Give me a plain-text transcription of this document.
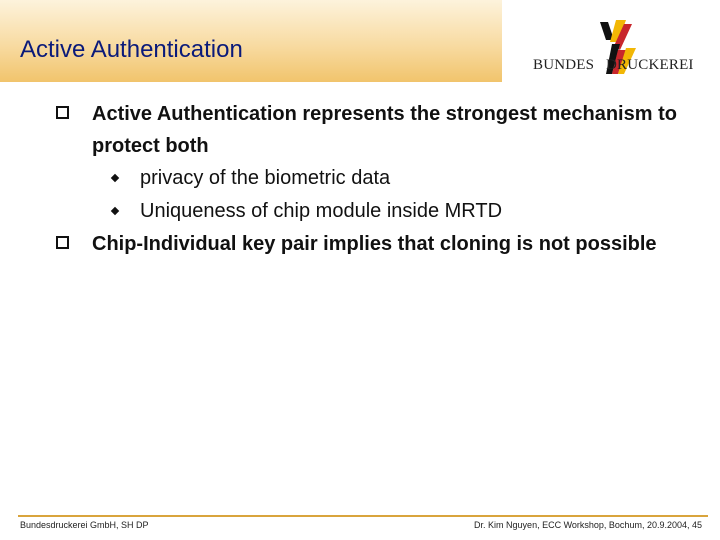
Active Authentication
BUNDES DRUCKEREI
Active Authentication represents the strongest mechanism to protect both
privacy of the biometric data
Uniqueness of chip module inside MRTD
Chip-Individual key pair implies that cloning is not possible
Bundesdruckerei GmbH, SH DP	Dr. Kim Nguyen, ECC Workshop, Bochum, 20.9.2004, 45
